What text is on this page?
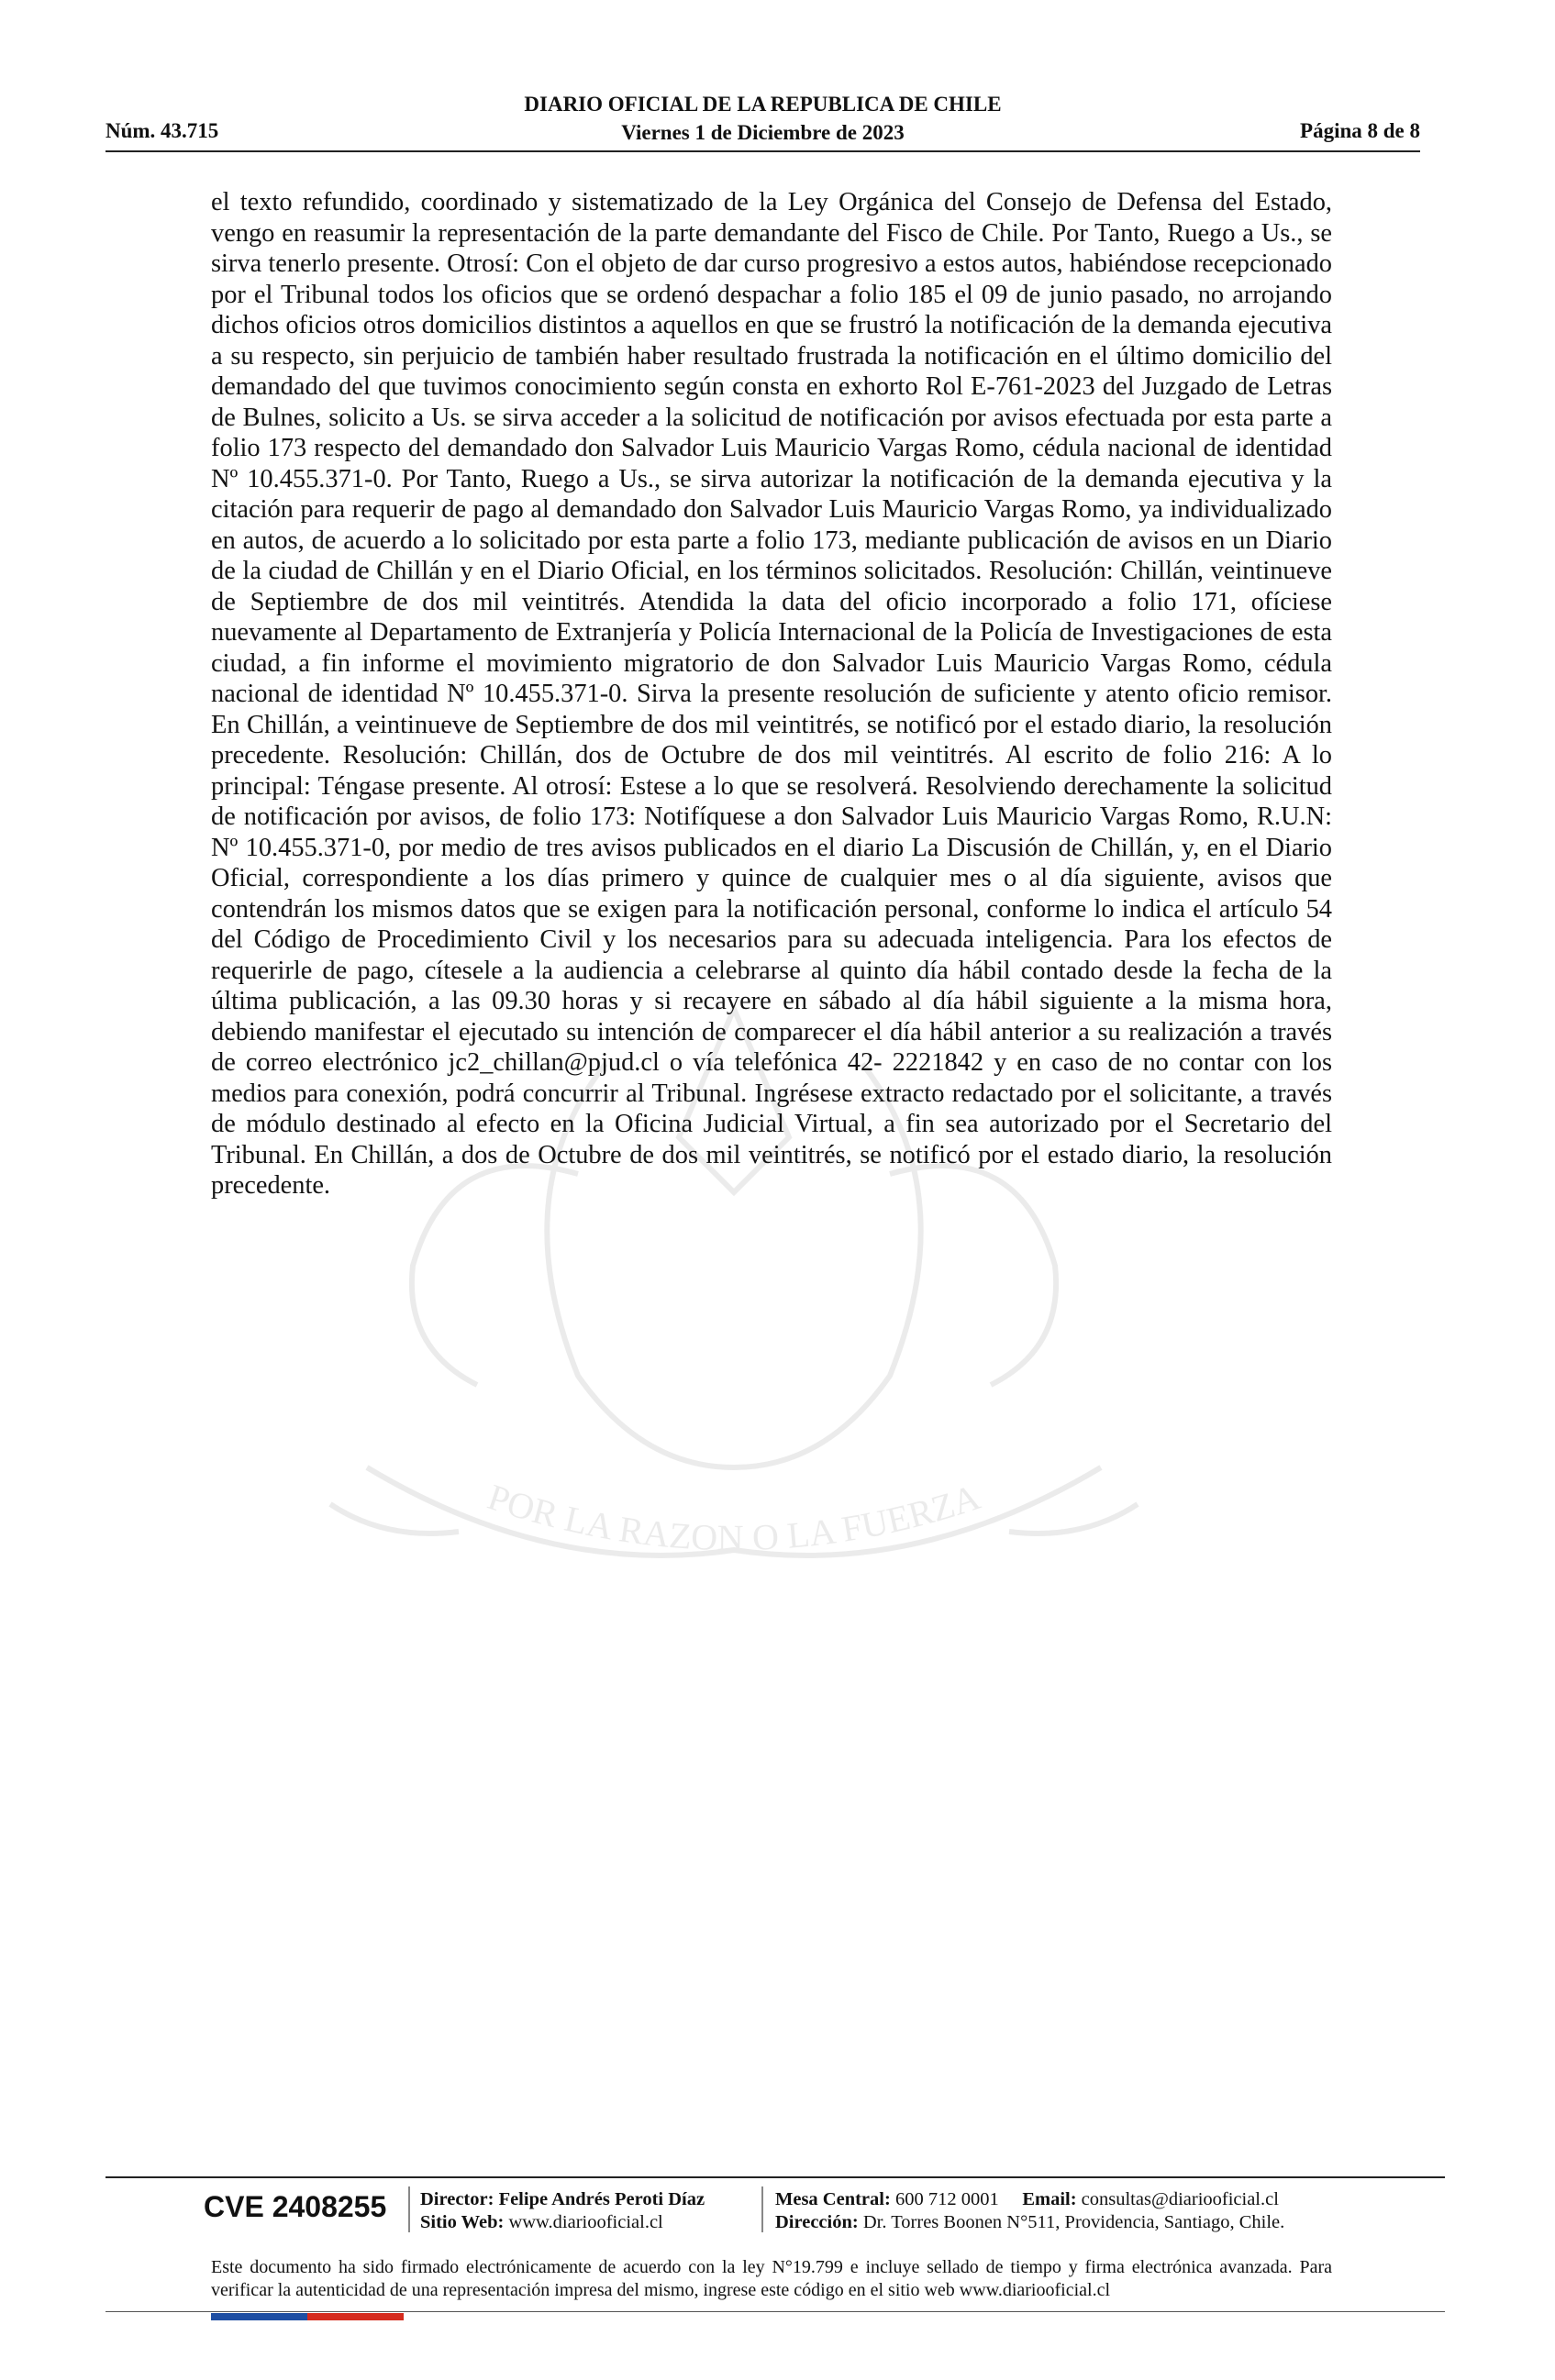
Núm. 43.715
DIARIO OFICIAL DE LA REPUBLICA DE CHILE
Viernes 1 de Diciembre de 2023	Página 8 de 8
POR LA RAZON O LA FUERZA
el texto refundido, coordinado y sistematizado de la Ley Orgánica del Consejo de Defensa del Estado, vengo en reasumir la representación de la parte demandante del Fisco de Chile. Por Tanto, Ruego a Us., se sirva tenerlo presente. Otrosí: Con el objeto de dar curso progresivo a estos autos, habiéndose recepcionado por el Tribunal todos los oficios que se ordenó despachar a folio 185 el 09 de junio pasado, no arrojando dichos oficios otros domicilios distintos a aquellos en que se frustró la notificación de la demanda ejecutiva a su respecto, sin perjuicio de también haber resultado frustrada la notificación en el último domicilio del demandado del que tuvimos conocimiento según consta en exhorto Rol E-761-2023 del Juzgado de Letras de Bulnes, solicito a Us. se sirva acceder a la solicitud de notificación por avisos efectuada por esta parte a folio 173 respecto del demandado don Salvador Luis Mauricio Vargas Romo, cédula nacional de identidad Nº 10.455.371-0. Por Tanto, Ruego a Us., se sirva autorizar la notificación de la demanda ejecutiva y la citación para requerir de pago al demandado don Salvador Luis Mauricio Vargas Romo, ya individualizado en autos, de acuerdo a lo solicitado por esta parte a folio 173, mediante publicación de avisos en un Diario de la ciudad de Chillán y en el Diario Oficial, en los términos solicitados. Resolución: Chillán, veintinueve de Septiembre de dos mil veintitrés. Atendida la data del oficio incorporado a folio 171, ofíciese nuevamente al Departamento de Extranjería y Policía Internacional de la Policía de Investigaciones de esta ciudad, a fin informe el movimiento migratorio de don Salvador Luis Mauricio Vargas Romo, cédula nacional de identidad Nº 10.455.371-0. Sirva la presente resolución de suficiente y atento oficio remisor. En Chillán, a veintinueve de Septiembre de dos mil veintitrés, se notificó por el estado diario, la resolución precedente. Resolución: Chillán, dos de Octubre de dos mil veintitrés. Al escrito de folio 216: A lo principal: Téngase presente. Al otrosí: Estese a lo que se resolverá. Resolviendo derechamente la solicitud de notificación por avisos, de folio 173: Notifíquese a don Salvador Luis Mauricio Vargas Romo, R.U.N: Nº 10.455.371-0, por medio de tres avisos publicados en el diario La Discusión de Chillán, y, en el Diario Oficial, correspondiente a los días primero y quince de cualquier mes o al día siguiente, avisos que contendrán los mismos datos que se exigen para la notificación personal, conforme lo indica el artículo 54 del Código de Procedimiento Civil y los necesarios para su adecuada inteligencia. Para los efectos de requerirle de pago, cítesele a la audiencia a celebrarse al quinto día hábil contado desde la fecha de la última publicación, a las 09.30 horas y si recayere en sábado al día hábil siguiente a la misma hora, debiendo manifestar el ejecutado su intención de comparecer el día hábil anterior a su realización a través de correo electrónico jc2_chillan@pjud.cl o vía telefónica 42- 2221842 y en caso de no contar con los medios para conexión, podrá concurrir al Tribunal. Ingrésese extracto redactado por el solicitante, a través de módulo destinado al efecto en la Oficina Judicial Virtual, a fin sea autorizado por el Secretario del Tribunal. En Chillán, a dos de Octubre de dos mil veintitrés, se notificó por el estado diario, la resolución precedente.
CVE 2408255 Director: Felipe Andrés Peroti Díaz
Sitio Web: www.diariooficial.cl
Mesa Central: 600 712 0001 Email: consultas@diariooficial.cl
Dirección: Dr. Torres Boonen N°511, Providencia, Santiago, Chile.
Este documento ha sido firmado electrónicamente de acuerdo con la ley N°19.799 e incluye sellado de tiempo y firma electrónica avanzada. Para verificar la autenticidad de una representación impresa del mismo, ingrese este código en el sitio web www.diariooficial.cl
